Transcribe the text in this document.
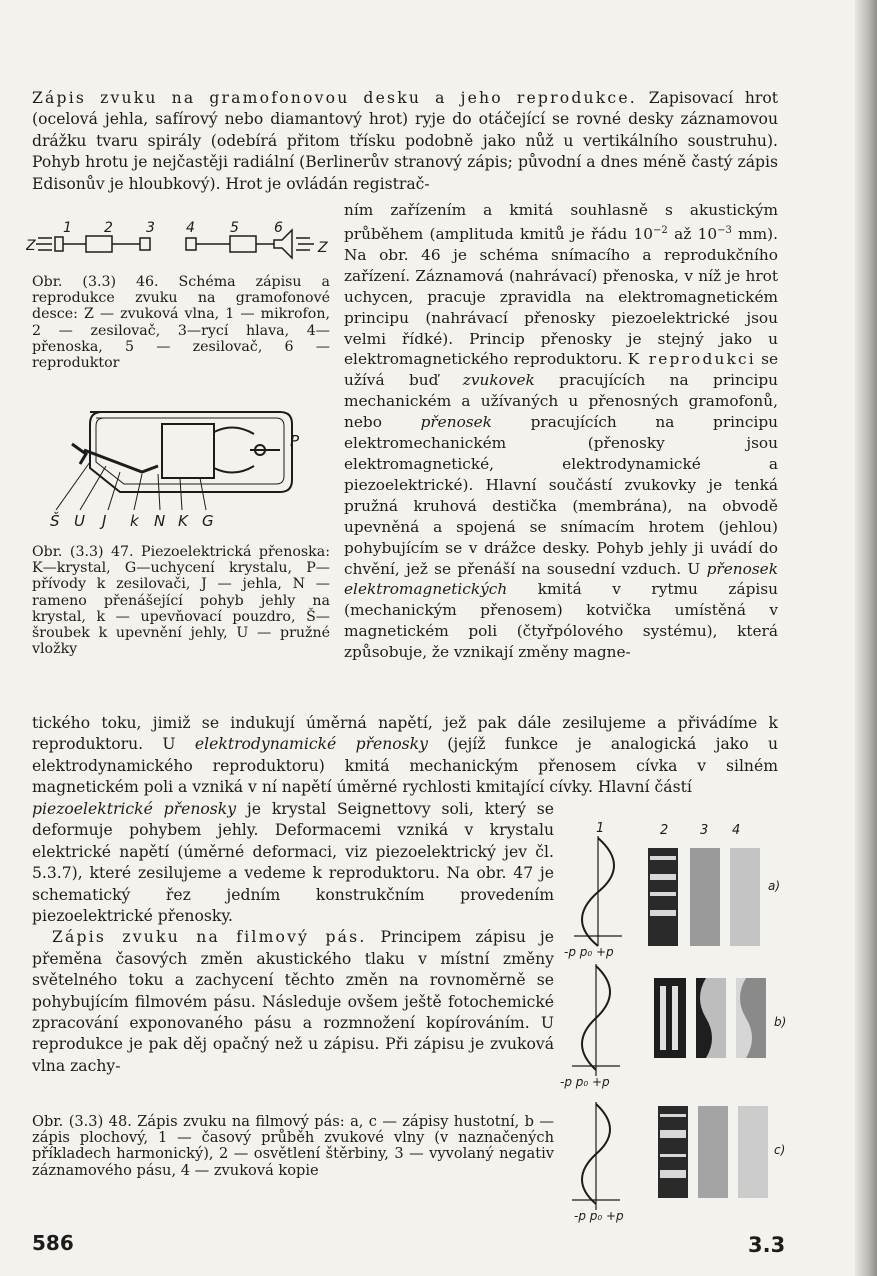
Zápis zvuku na gramofonovou desku a jeho reprodukce. Zapisovací hrot (ocelová jehla, safírový nebo diamantový hrot) ryje do otáčející se rovné desky záznamovou drážku tvaru spirály (odebírá přitom třísku podobně jako nůž u vertikálního soustruhu). Pohyb hrotu je nejčastěji radiální (Berlinerův stranový zápis; původní a dnes méně častý zápis Edisonův je hloubkový). Hrot je ovládán registrač-
ním zařízením a kmitá souhlasně s akustickým průběhem (amplituda kmitů je řádu $10^{-2}$ až $10^{-3}$ mm). Na obr. 46 je schéma snímacího a reprodukčního zařízení. Záznamová (nahrávací) přenoska, v níž je hrot uchycen, pracuje zpravidla na elektromagnetickém principu (nahrávací přenosky piezoelektrické jsou velmi řídké). Princip přenosky je stejný jako u elektromagnetického reproduktoru. K reprodukci se užívá buď zvukovek pracujících na principu mechanickém a užívaných u přenosných gramofonů, nebo přenosek pracujících na principu elektromechanickém (přenosky jsou elektromagnetické, elektrodynamické a piezoelektrické). Hlavní součástí zvukovky je tenká pružná kruhová destička (membrána), na obvodě upevněná a spojená se snímacím hrotem (jehlou) pohybujícím se v drážce desky. Pohyb jehly ji uvádí do chvění, jež se přenáší na sousední vzduch. U přenosek elektromagnetických kmitá v rytmu zápisu (mechanickým přenosem) kotvička umístěná v magnetickém poli (čtyřpólového systému), která způsobuje, že vznikají změny magne-
Z
1 2 3 4	5	6
Z
Obr. (3.3) 46. Schéma zápisu a reprodukce zvuku na gramofonové desce: Z — zvuková vlna, 1 — mikrofon, 2 — zesilovač, 3—rycí hlava, 4— přenoska, 5 — zesilovač, 6 — reproduktor
Š U J k N K G
P
Obr. (3.3) 47. Piezoelektrická přenoska: K—krystal, G—uchycení krystalu, P—přívody k zesilovači, J — jehla, N — rameno přenášející pohyb jehly na krystal, k — upevňovací pouzdro, Š—šroubek k upevnění jehly, U — pružné vložky
tického toku, jimiž se indukují úměrná napětí, jež pak dále zesilujeme a přivádíme k reproduktoru. U elektrodynamické přenosky (jejíž funkce je analogická jako u elektrodynamického reproduktoru) kmitá mechanickým přenosem cívka v silném magnetickém poli a vzniká v ní napětí úměrné rychlosti kmitající cívky. Hlavní částí
piezoelektrické přenosky je krystal Seignettovy soli, který se deformuje pohybem jehly. Deformacemi vzniká v krystalu elektrické napětí (úměrné deformaci, viz piezoelektrický jev čl. 5.3.7), které zesilujeme a vedeme k reproduktoru. Na obr. 47 je schematický řez jedním konstrukčním provedením piezoelektrické přenosky.
Zápis zvuku na filmový pás. Principem zápisu je přeměna časových změn akustického tlaku v místní změny světelného toku a zachycení těchto změn na rovnoměrně se pohybujícím filmovém pásu. Následuje ovšem ještě fotochemické zpracování exponovaného pásu a rozmnožení kopírováním. U reprodukce je pak děj opačný než u zápisu. Při zápisu je zvuková vlna zachy-
1	2 3 4
a)
-p p₀ +p
b)
-p p₀ +p
c)
-p p₀ +p
Obr. (3.3) 48. Zápis zvuku na filmový pás: a, c — zápisy hustotní, b — zápis plochový, 1 — časový průběh zvukové vlny (v naznačených příkladech harmonický), 2 — osvětlení štěrbiny, 3 — vyvolaný negativ záznamového pásu, 4 — zvuková kopie
586	3.3
